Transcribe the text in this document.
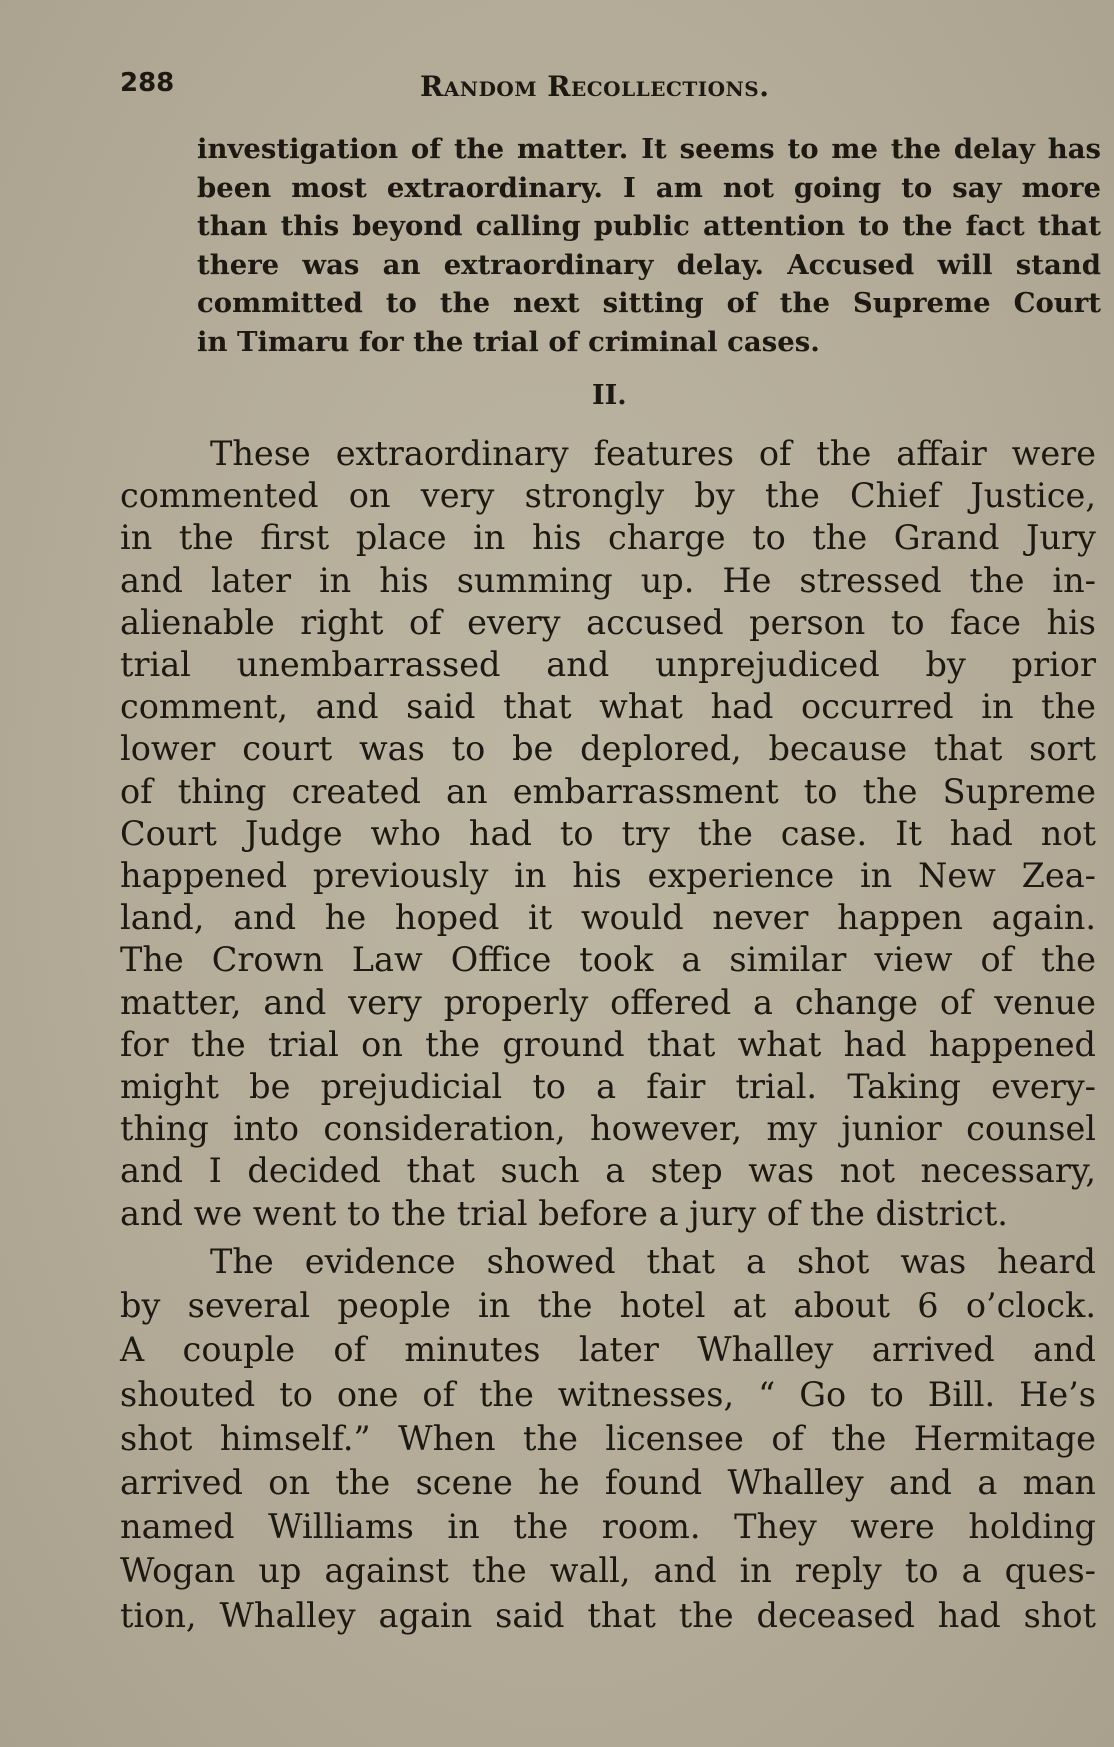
288	Random Recollections.
investigation of the matter. It seems to me the delay has
been most extraordinary. I am not going to say more
than this beyond calling public attention to the fact that
there was an extraordinary delay. Accused will stand
committed to the next sitting of the Supreme Court
in Timaru for the trial of criminal cases.
II.
These extraordinary features of the affair were
commented on very strongly by the Chief Justice,
in the first place in his charge to the Grand Jury
and later in his summing up. He stressed the in-
alienable right of every accused person to face his
trial unembarrassed and unprejudiced by prior
comment, and said that what had occurred in the
lower court was to be deplored, because that sort
of thing created an embarrassment to the Supreme
Court Judge who had to try the case. It had not
happened previously in his experience in New Zea-
land, and he hoped it would never happen again.
The Crown Law Office took a similar view of the
matter, and very properly offered a change of venue
for the trial on the ground that what had happened
might be prejudicial to a fair trial. Taking every-
thing into consideration, however, my junior counsel
and I decided that such a step was not necessary,
and we went to the trial before a jury of the district.
The evidence showed that a shot was heard
by several people in the hotel at about 6 o’clock.
A couple of minutes later Whalley arrived and
shouted to one of the witnesses, “ Go to Bill. He’s
shot himself.” When the licensee of the Hermitage
arrived on the scene he found Whalley and a man
named Williams in the room. They were holding
Wogan up against the wall, and in reply to a ques-
tion, Whalley again said that the deceased had shot
